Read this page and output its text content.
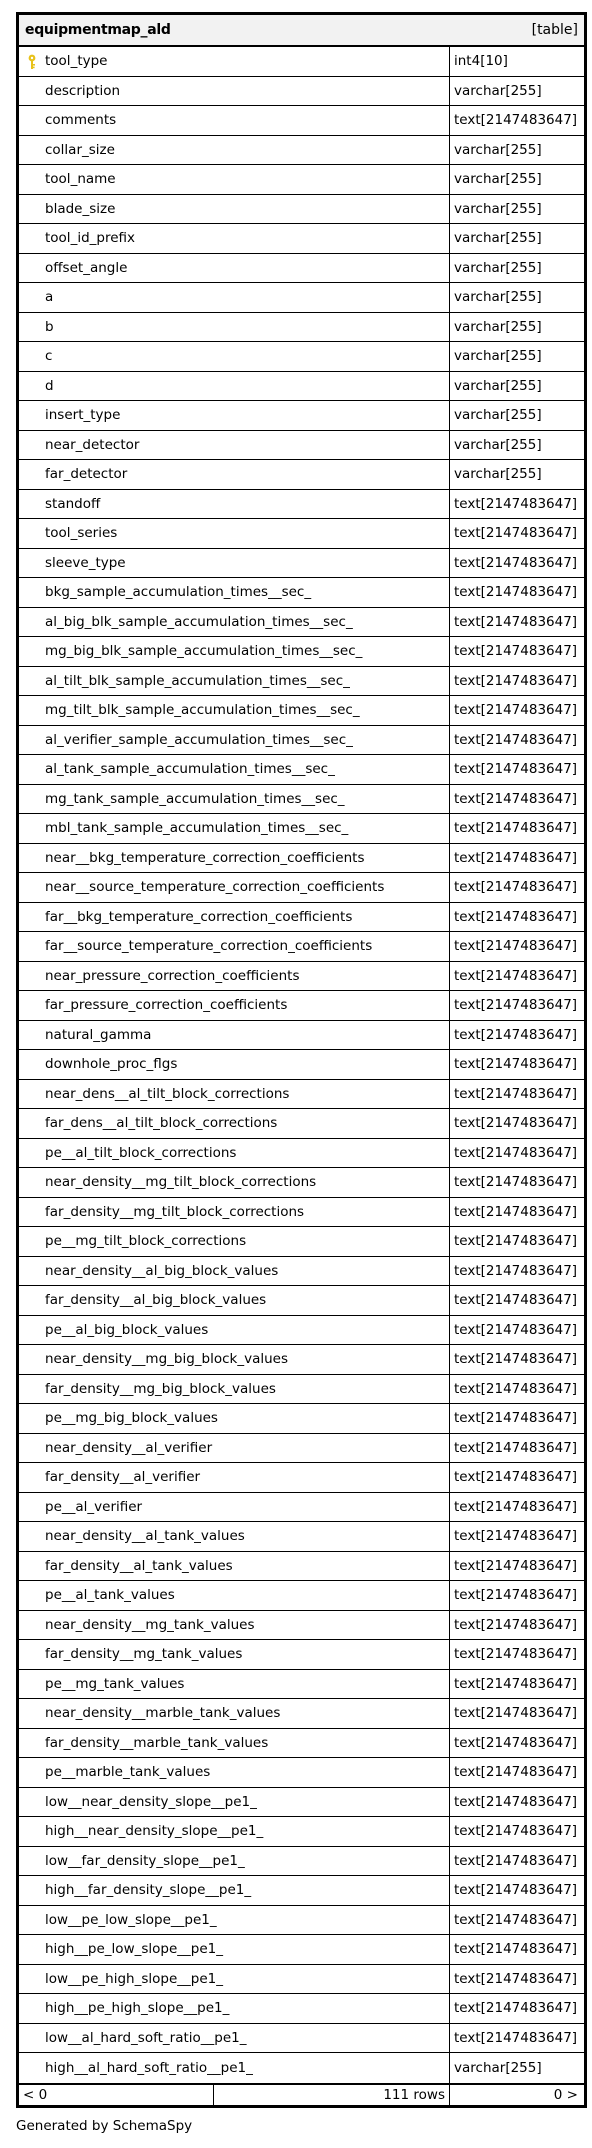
equipmentmap_ald	[table]
tool_type	int4[10]
description	varchar[255]
comments	text[2147483647]
collar_size	varchar[255]
tool_name	varchar[255]
blade_size	varchar[255]
tool_id_prefix	varchar[255]
offset_angle	varchar[255]
a	varchar[255]
b	varchar[255]
c	varchar[255]
d	varchar[255]
insert_type	varchar[255]
near_detector	varchar[255]
far_detector	varchar[255]
standoff	text[2147483647]
tool_series	text[2147483647]
sleeve_type	text[2147483647]
bkg_sample_accumulation_times__sec_	text[2147483647]
al_big_blk_sample_accumulation_times__sec_	text[2147483647]
mg_big_blk_sample_accumulation_times__sec_	text[2147483647]
al_tilt_blk_sample_accumulation_times__sec_	text[2147483647]
mg_tilt_blk_sample_accumulation_times__sec_	text[2147483647]
al_verifier_sample_accumulation_times__sec_	text[2147483647]
al_tank_sample_accumulation_times__sec_	text[2147483647]
mg_tank_sample_accumulation_times__sec_	text[2147483647]
mbl_tank_sample_accumulation_times__sec_	text[2147483647]
near__bkg_temperature_correction_coefficients	text[2147483647]
near__source_temperature_correction_coefficients	text[2147483647]
far__bkg_temperature_correction_coefficients	text[2147483647]
far__source_temperature_correction_coefficients	text[2147483647]
near_pressure_correction_coefficients	text[2147483647]
far_pressure_correction_coefficients	text[2147483647]
natural_gamma	text[2147483647]
downhole_proc_flgs	text[2147483647]
near_dens__al_tilt_block_corrections	text[2147483647]
far_dens__al_tilt_block_corrections	text[2147483647]
pe__al_tilt_block_corrections	text[2147483647]
near_density__mg_tilt_block_corrections	text[2147483647]
far_density__mg_tilt_block_corrections	text[2147483647]
pe__mg_tilt_block_corrections	text[2147483647]
near_density__al_big_block_values	text[2147483647]
far_density__al_big_block_values	text[2147483647]
pe__al_big_block_values	text[2147483647]
near_density__mg_big_block_values	text[2147483647]
far_density__mg_big_block_values	text[2147483647]
pe__mg_big_block_values	text[2147483647]
near_density__al_verifier	text[2147483647]
far_density__al_verifier	text[2147483647]
pe__al_verifier	text[2147483647]
near_density__al_tank_values	text[2147483647]
far_density__al_tank_values	text[2147483647]
pe__al_tank_values	text[2147483647]
near_density__mg_tank_values	text[2147483647]
far_density__mg_tank_values	text[2147483647]
pe__mg_tank_values	text[2147483647]
near_density__marble_tank_values	text[2147483647]
far_density__marble_tank_values	text[2147483647]
pe__marble_tank_values	text[2147483647]
low__near_density_slope__pe1_	text[2147483647]
high__near_density_slope__pe1_	text[2147483647]
low__far_density_slope__pe1_	text[2147483647]
high__far_density_slope__pe1_	text[2147483647]
low__pe_low_slope__pe1_	text[2147483647]
high__pe_low_slope__pe1_	text[2147483647]
low__pe_high_slope__pe1_	text[2147483647]
high__pe_high_slope__pe1_	text[2147483647]
low__al_hard_soft_ratio__pe1_	text[2147483647]
high__al_hard_soft_ratio__pe1_	varchar[255]
< 0	111 rows	0 >
Generated by SchemaSpy
